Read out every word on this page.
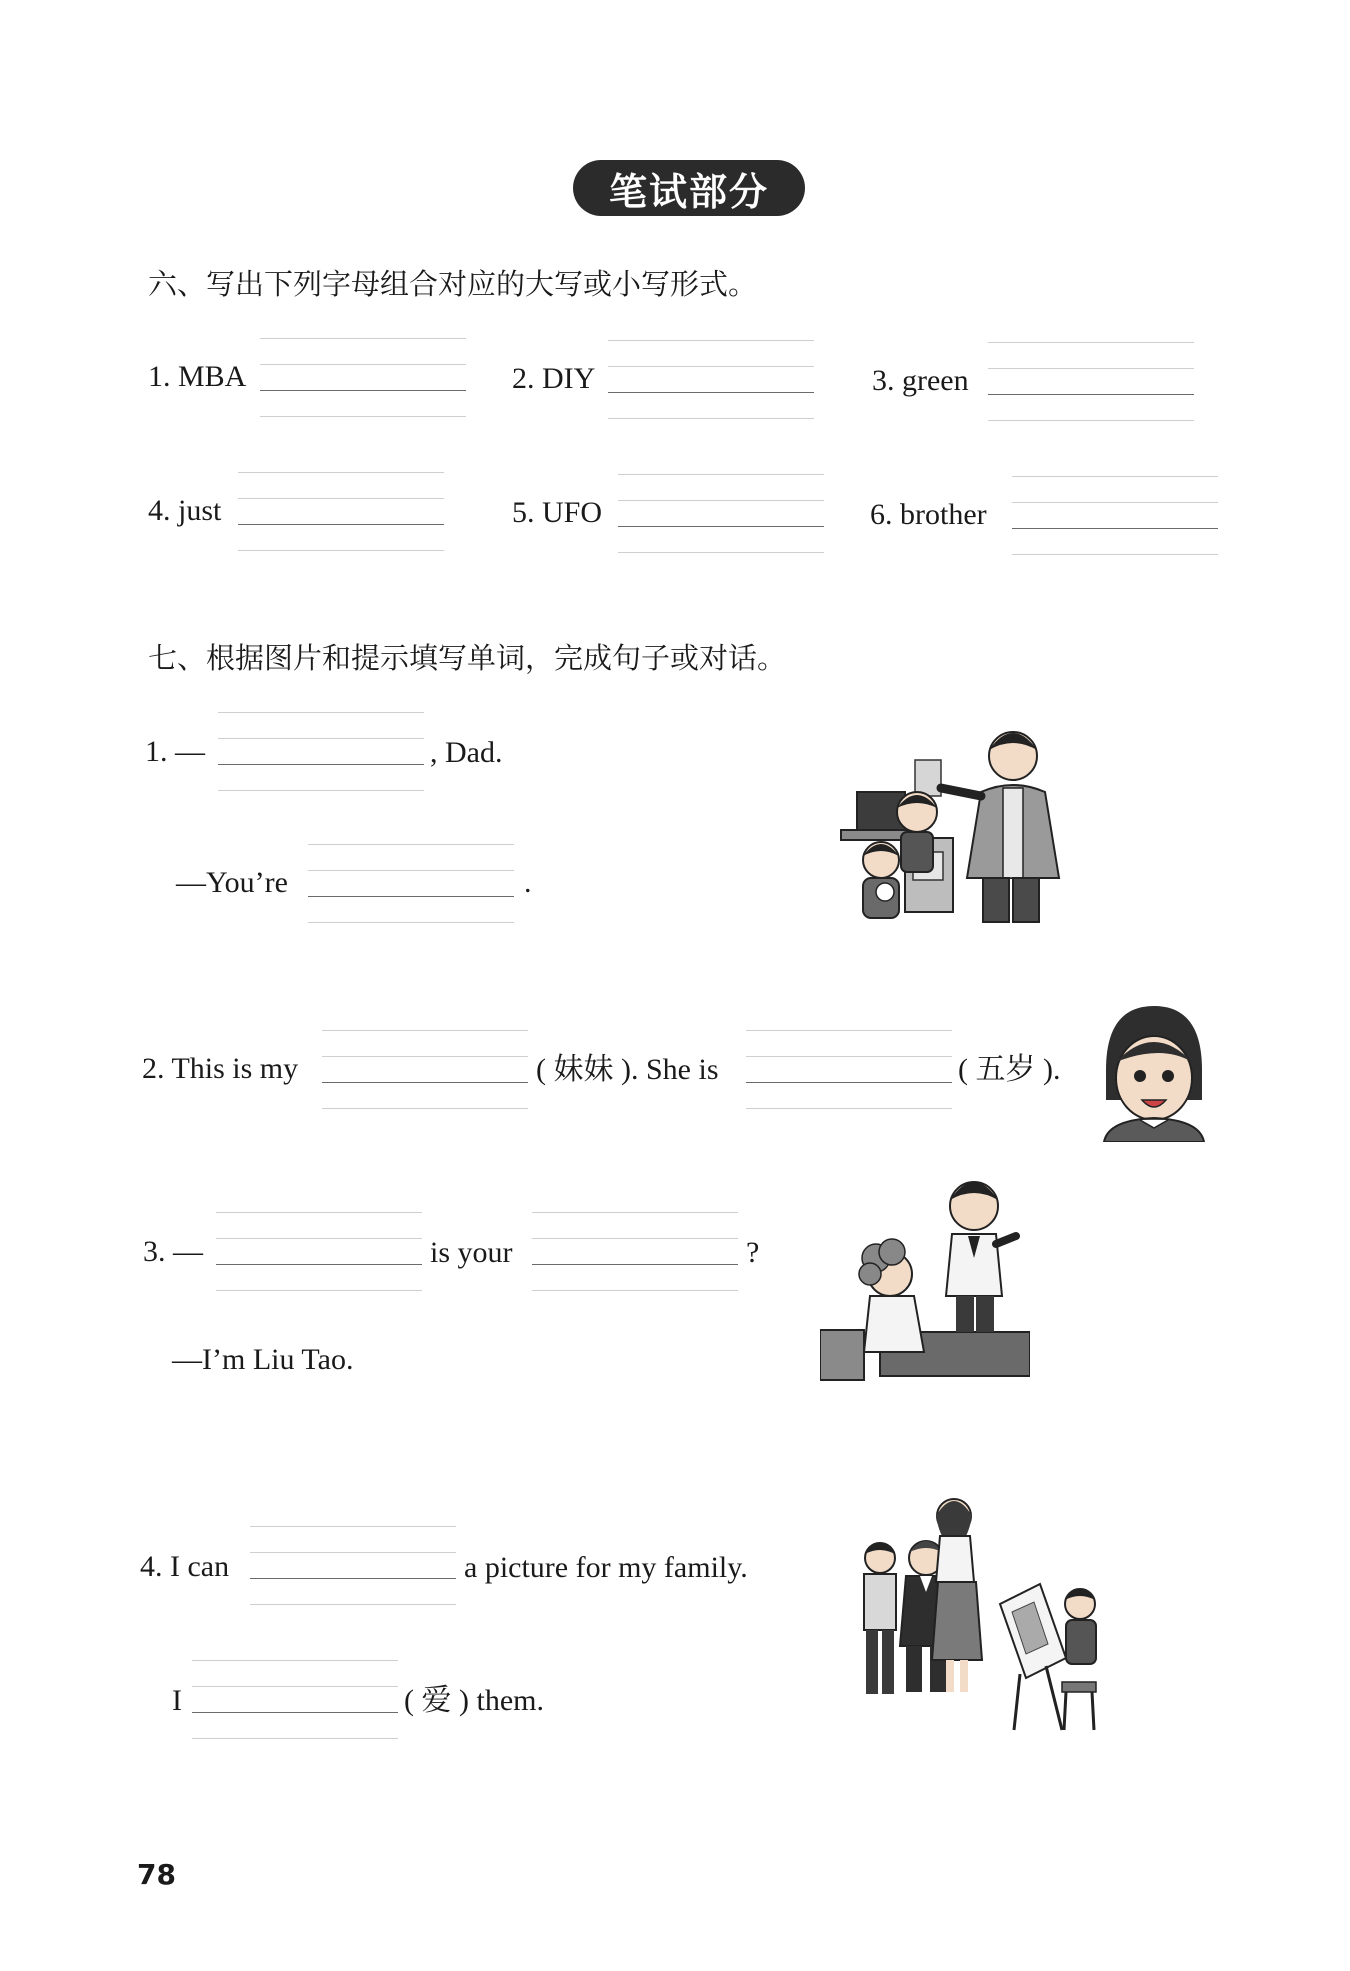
笔试部分
六、写出下列字母组合对应的大写或小写形式。
1. MBA	2. DIY	3. green
4. just	5. UFO	6. brother
七、根据图片和提示填写单词，完成句子或对话。
1. —	, Dad.
—You’re	.
2. This is my	( 妹妹 ). She is	( 五岁 ).
3. —	is your	?
—I’m Liu Tao.
4. I can	a picture for my family.
I	( 爱 ) them.
78
